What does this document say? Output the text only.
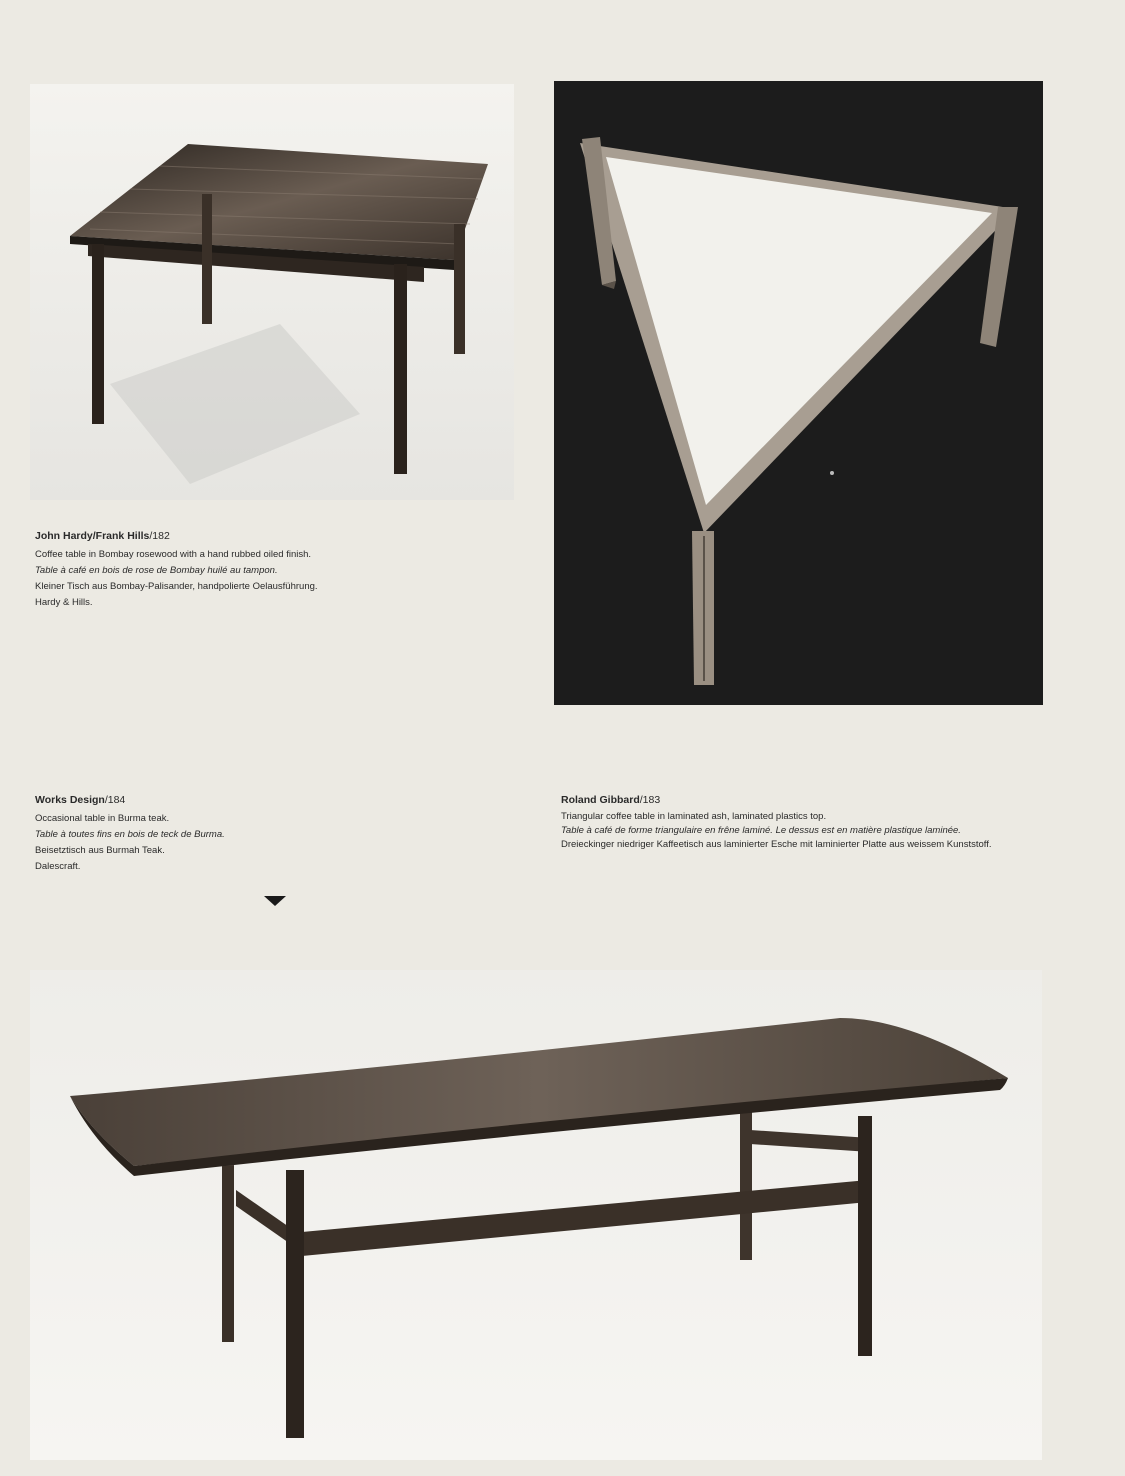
John Hardy/Frank Hills/182

Coffee table in Bombay rosewood with a hand rubbed oiled finish.

Table à café en bois de rose de Bombay huilé au tampon.

Kleiner Tisch aus Bombay-Palisander, handpolierte Oelausführung.

Hardy & Hills.

Works Design/184

Occasional table in Burma teak.

Table à toutes fins en bois de teck de Burma.

Beisetztisch aus Burmah Teak.

Dalescraft.

Roland Gibbard/183

Triangular coffee table in laminated ash, laminated plastics top.

Table à café de forme triangulaire en frêne laminé. Le dessus est en matière plastique laminée.

Dreieckinger niedriger Kaffeetisch aus laminierter Esche mit laminierter Platte aus weissem Kunststoff.
